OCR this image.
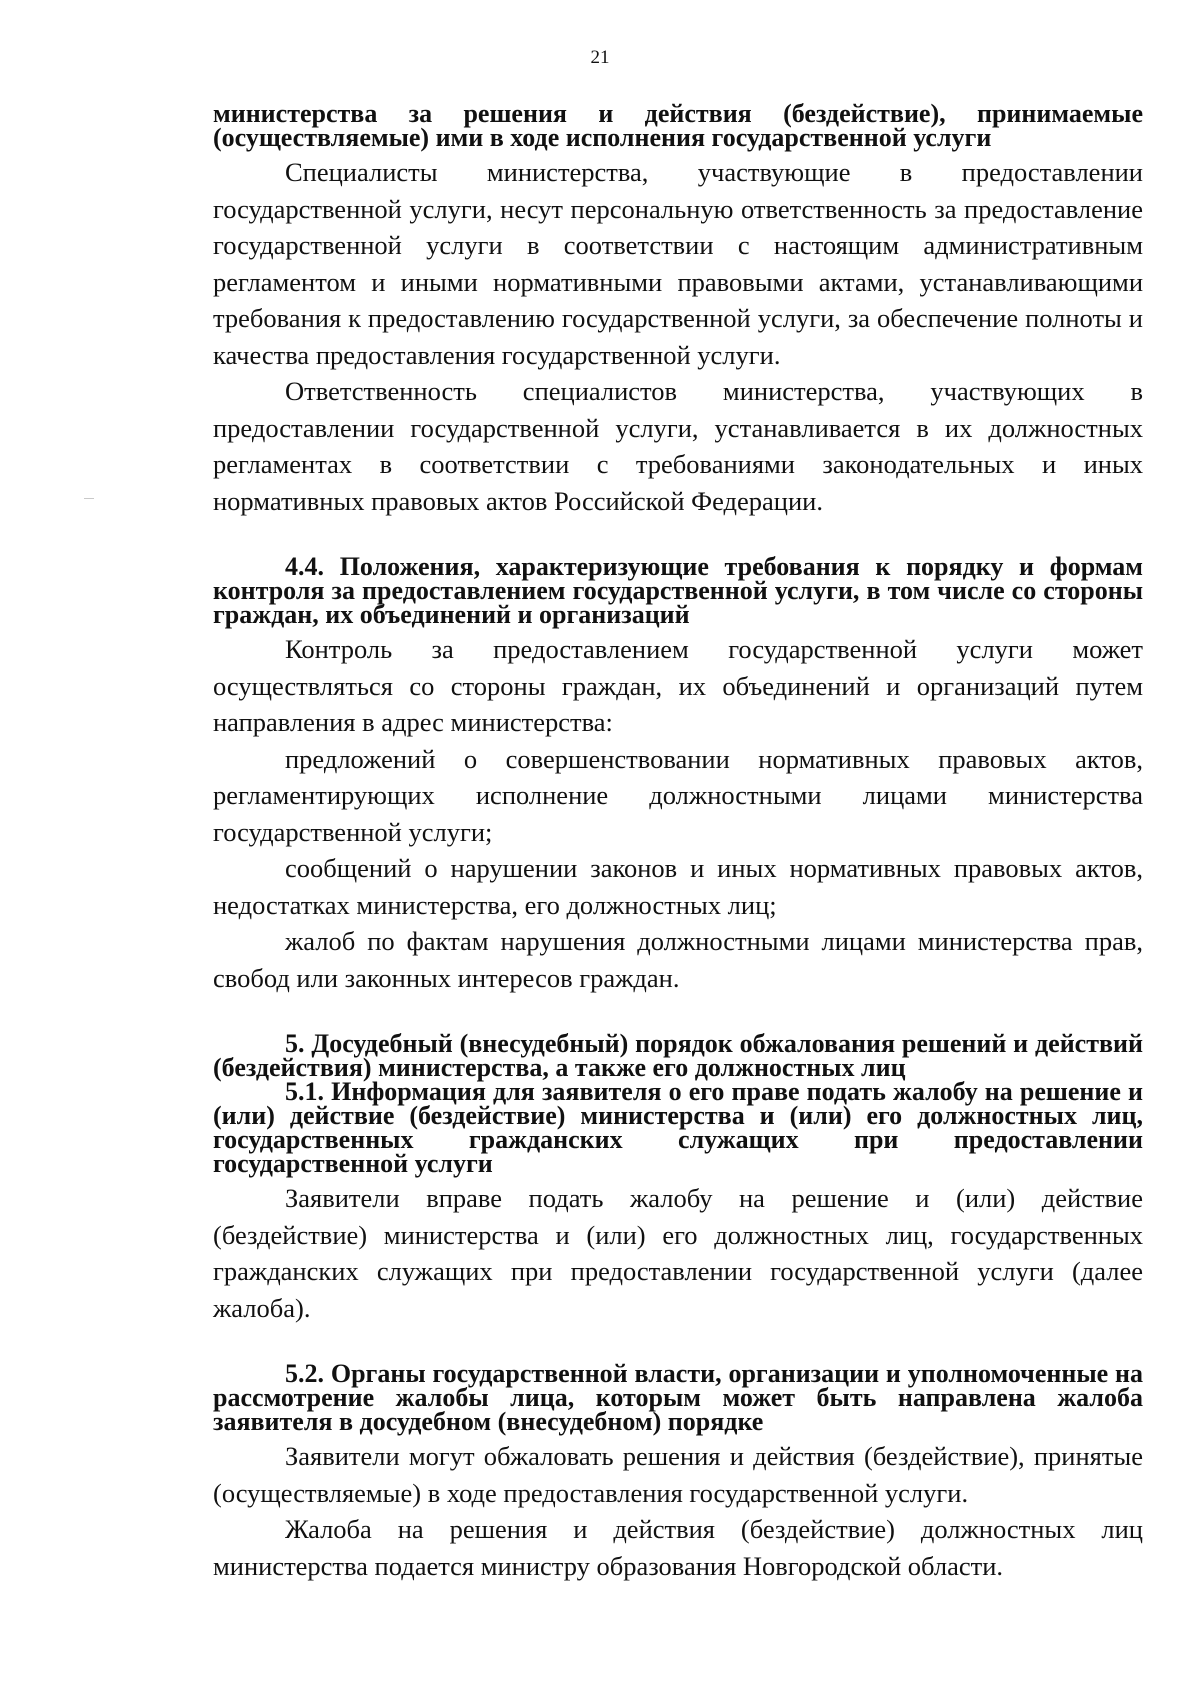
21

министерства за решения и действия (бездействие), принимаемые (осуществляемые) ими в ходе исполнения государственной услуги

Специалисты министерства, участвующие в предоставлении государственной услуги, несут персональную ответственность за предоставление государственной услуги в соответствии с настоящим административным регламентом и иными нормативными правовыми актами, устанавливающими требования к предоставлению государственной услуги, за обеспечение полноты и качества предоставления государственной услуги.

Ответственность специалистов министерства, участвующих в предоставлении государственной услуги, устанавливается в их должностных регламентах в соответствии с требованиями законодательных и иных нормативных правовых актов Российской Федерации.

4.4. Положения, характеризующие требования к порядку и формам контроля за предоставлением государственной услуги, в том числе со стороны граждан, их объединений и организаций

Контроль за предоставлением государственной услуги может осуществляться со стороны граждан, их объединений и организаций путем направления в адрес министерства:

предложений о совершенствовании нормативных правовых актов, регламентирующих исполнение должностными лицами министерства государственной услуги;

сообщений о нарушении законов и иных нормативных правовых актов, недостатках министерства, его должностных лиц;

жалоб по фактам нарушения должностными лицами министерства прав, свобод или законных интересов граждан.

5. Досудебный (внесудебный) порядок обжалования решений и действий (бездействия) министерства, а также его должностных лиц

5.1. Информация для заявителя о его праве подать жалобу на решение и (или) действие (бездействие) министерства и (или) его должностных лиц, государственных гражданских служащих при предоставлении государственной услуги

Заявители вправе подать жалобу на решение и (или) действие (бездействие) министерства и (или) его должностных лиц, государственных гражданских служащих при предоставлении государственной услуги (далее жалоба).

5.2. Органы государственной власти, организации и уполномоченные на рассмотрение жалобы лица, которым может быть направлена жалоба заявителя в досудебном (внесудебном) порядке

Заявители могут обжаловать решения и действия (бездействие), принятые (осуществляемые) в ходе предоставления государственной услуги.

Жалоба на решения и действия (бездействие) должностных лиц министерства подается министру образования Новгородской области.
